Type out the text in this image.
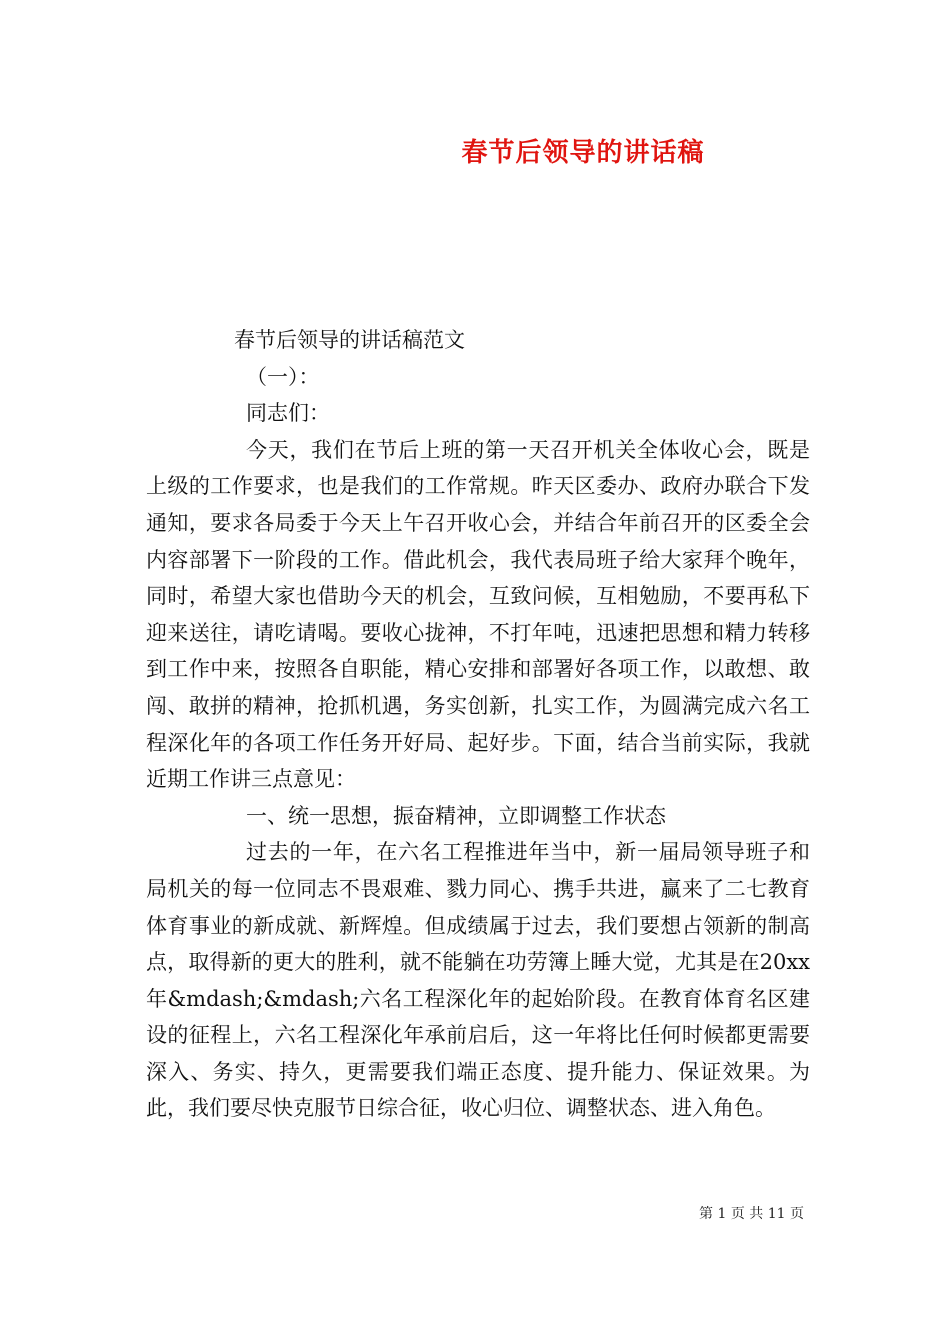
春节后领导的讲话稿

春节后领导的讲话稿范文

（一）：

同志们：

今天，我们在节后上班的第一天召开机关全体收心会，既是上级的工作要求，也是我们的工作常规。昨天区委办、政府办联合下发通知，要求各局委于今天上午召开收心会，并结合年前召开的区委全会内容部署下一阶段的工作。借此机会，我代表局班子给大家拜个晚年，同时，希望大家也借助今天的机会，互致问候，互相勉励，不要再私下迎来送往，请吃请喝。要收心拢神，不打年吨，迅速把思想和精力转移到工作中来，按照各自职能，精心安排和部署好各项工作，以敢想、敢闯、敢拼的精神，抢抓机遇，务实创新，扎实工作，为圆满完成六名工程深化年的各项工作任务开好局、起好步。下面，结合当前实际，我就近期工作讲三点意见：

一、统一思想，振奋精神，立即调整工作状态

过去的一年，在六名工程推进年当中，新一届局领导班子和局机关的每一位同志不畏艰难、戮力同心、携手共进，赢来了二七教育体育事业的新成就、新辉煌。但成绩属于过去，我们要想占领新的制高点，取得新的更大的胜利，就不能躺在功劳簿上睡大觉，尤其是在20xx年&mdash;&mdash;六名工程深化年的起始阶段。在教育体育名区建设的征程上，六名工程深化年承前启后，这一年将比任何时候都更需要深入、务实、持久，更需要我们端正态度、提升能力、保证效果。为此，我们要尽快克服节日综合征，收心归位、调整状态、进入角色。

第 1 页 共 11 页
